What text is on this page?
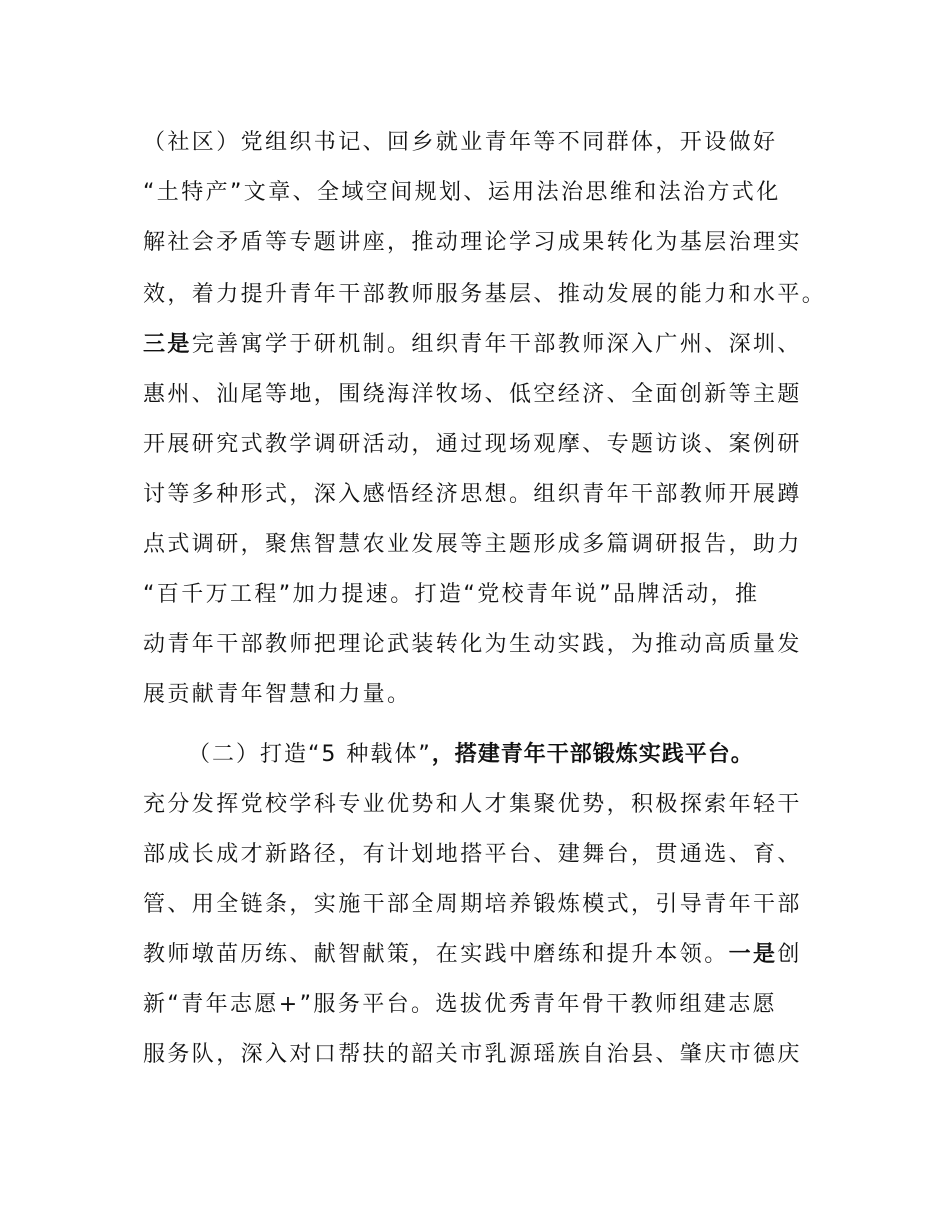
（社区）党组织书记、回乡就业青年等不同群体，开设做好
“土特产”文章、全域空间规划、运用法治思维和法治方式化
解社会矛盾等专题讲座，推动理论学习成果转化为基层治理实
效，着力提升青年干部教师服务基层、推动发展的能力和水平。
三是完善寓学于研机制。组织青年干部教师深入广州、深圳、
惠州、汕尾等地，围绕海洋牧场、低空经济、全面创新等主题
开展研究式教学调研活动，通过现场观摩、专题访谈、案例研
讨等多种形式，深入感悟经济思想。组织青年干部教师开展蹲
点式调研，聚焦智慧农业发展等主题形成多篇调研报告，助力
“百千万工程”加力提速。打造“党校青年说”品牌活动，推
动青年干部教师把理论武装转化为生动实践，为推动高质量发
展贡献青年智慧和力量。
（二）打造“5 种载体”，搭建青年干部锻炼实践平台。
充分发挥党校学科专业优势和人才集聚优势，积极探索年轻干
部成长成才新路径，有计划地搭平台、建舞台，贯通选、育、
管、用全链条，实施干部全周期培养锻炼模式，引导青年干部
教师墩苗历练、献智献策，在实践中磨练和提升本领。一是创
新“青年志愿+”服务平台。选拔优秀青年骨干教师组建志愿
服务队，深入对口帮扶的韶关市乳源瑶族自治县、肇庆市德庆
